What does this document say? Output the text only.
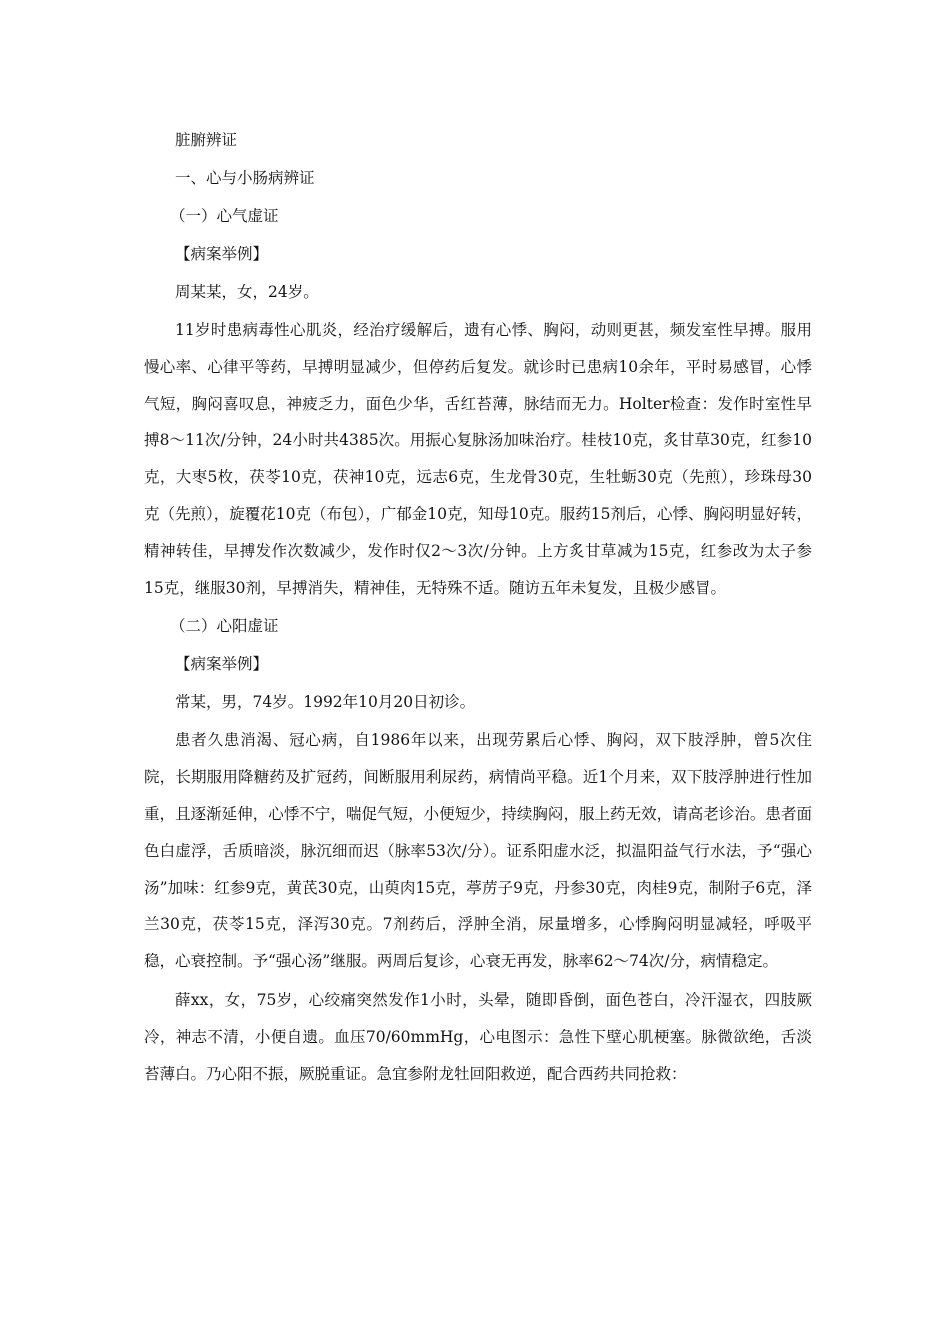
脏腑辨证

一、心与小肠病辨证

（一）心气虚证

【病案举例】

周某某，女，24岁。

11岁时患病毒性心肌炎，经治疗缓解后，遗有心悸、胸闷，动则更甚，频发室性早搏。服用慢心率、心律平等药，早搏明显减少，但停药后复发。就诊时已患病10余年，平时易感冒，心悸气短，胸闷喜叹息，神疲乏力，面色少华，舌红苔薄，脉结而无力。Holter检查：发作时室性早搏8～11次/分钟，24小时共4385次。用振心复脉汤加味治疗。桂枝10克，炙甘草30克，红参10克，大枣5枚，茯苓10克，茯神10克，远志6克，生龙骨30克，生牡蛎30克（先煎），珍珠母30克（先煎），旋覆花10克（布包），广郁金10克，知母10克。服药15剂后，心悸、胸闷明显好转，精神转佳，早搏发作次数减少，发作时仅2～3次/分钟。上方炙甘草减为15克，红参改为太子参15克，继服30剂，早搏消失，精神佳，无特殊不适。随访五年未复发，且极少感冒。

（二）心阳虚证

【病案举例】

常某，男，74岁。1992年10月20日初诊。

患者久患消渴、冠心病，自1986年以来，出现劳累后心悸、胸闷，双下肢浮肿，曾5次住院，长期服用降糖药及扩冠药，间断服用利尿药，病情尚平稳。近1个月来，双下肢浮肿进行性加重，且逐渐延伸，心悸不宁，喘促气短，小便短少，持续胸闷，服上药无效，请高老诊治。患者面色白虚浮，舌质暗淡，脉沉细而迟（脉率53次/分）。证系阳虚水泛，拟温阳益气行水法，予“强心汤”加味：红参9克，黄芪30克，山萸肉15克，葶苈子9克，丹参30克，肉桂9克，制附子6克，泽兰30克，茯苓15克，泽泻30克。7剂药后，浮肿全消，尿量增多，心悸胸闷明显减轻，呼吸平稳，心衰控制。予“强心汤”继服。两周后复诊，心衰无再发，脉率62～74次/分，病情稳定。

薛xx，女，75岁，心绞痛突然发作1小时，头晕，随即昏倒，面色苍白，冷汗湿衣，四肢厥冷，神志不清，小便自遗。血压70/60mmHg，心电图示：急性下壁心肌梗塞。脉微欲绝，舌淡苔薄白。乃心阳不振，厥脱重证。急宜参附龙牡回阳救逆，配合西药共同抢救：
